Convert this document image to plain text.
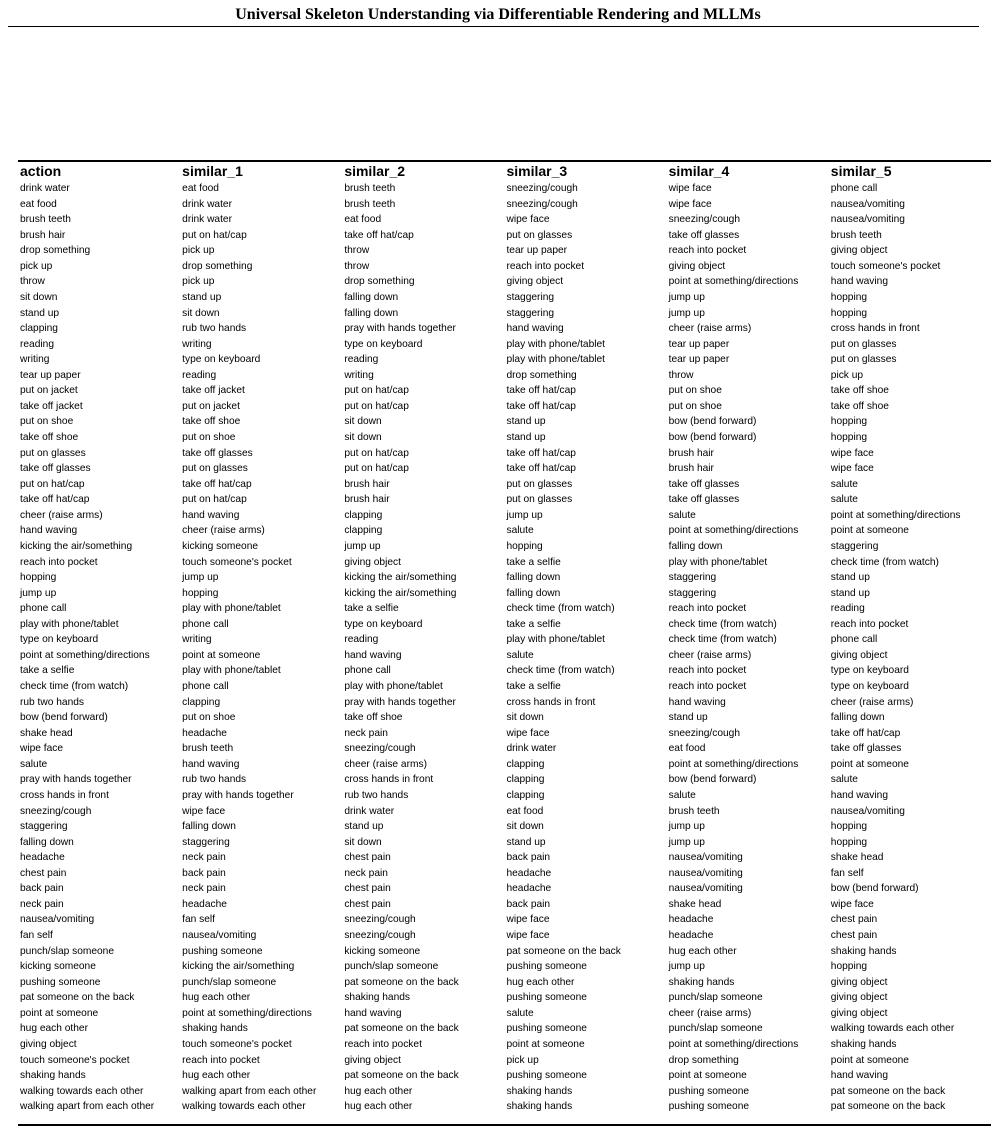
Universal Skeleton Understanding via Differentiable Rendering and MLLMs
action	similar_1	similar_2	similar_3	similar_4	similar_5
drink water	eat food	brush teeth	sneezing/cough	wipe face	phone call
eat food	drink water	brush teeth	sneezing/cough	wipe face	nausea/vomiting
brush teeth	drink water	eat food	wipe face	sneezing/cough	nausea/vomiting
brush hair	put on hat/cap	take off hat/cap	put on glasses	take off glasses	brush teeth
drop something	pick up	throw	tear up paper	reach into pocket	giving object
pick up	drop something	throw	reach into pocket	giving object	touch someone's pocket
throw	pick up	drop something	giving object	point at something/directions	hand waving
sit down	stand up	falling down	staggering	jump up	hopping
stand up	sit down	falling down	staggering	jump up	hopping
clapping	rub two hands	pray with hands together	hand waving	cheer (raise arms)	cross hands in front
reading	writing	type on keyboard	play with phone/tablet	tear up paper	put on glasses
writing	type on keyboard	reading	play with phone/tablet	tear up paper	put on glasses
tear up paper	reading	writing	drop something	throw	pick up
put on jacket	take off jacket	put on hat/cap	take off hat/cap	put on shoe	take off shoe
take off jacket	put on jacket	put on hat/cap	take off hat/cap	put on shoe	take off shoe
put on shoe	take off shoe	sit down	stand up	bow (bend forward)	hopping
take off shoe	put on shoe	sit down	stand up	bow (bend forward)	hopping
put on glasses	take off glasses	put on hat/cap	take off hat/cap	brush hair	wipe face
take off glasses	put on glasses	put on hat/cap	take off hat/cap	brush hair	wipe face
put on hat/cap	take off hat/cap	brush hair	put on glasses	take off glasses	salute
take off hat/cap	put on hat/cap	brush hair	put on glasses	take off glasses	salute
cheer (raise arms)	hand waving	clapping	jump up	salute	point at something/directions
hand waving	cheer (raise arms)	clapping	salute	point at something/directions	point at someone
kicking the air/something	kicking someone	jump up	hopping	falling down	staggering
reach into pocket	touch someone's pocket	giving object	take a selfie	play with phone/tablet	check time (from watch)
hopping	jump up	kicking the air/something	falling down	staggering	stand up
jump up	hopping	kicking the air/something	falling down	staggering	stand up
phone call	play with phone/tablet	take a selfie	check time (from watch)	reach into pocket	reading
play with phone/tablet	phone call	type on keyboard	take a selfie	check time (from watch)	reach into pocket
type on keyboard	writing	reading	play with phone/tablet	check time (from watch)	phone call
point at something/directions	point at someone	hand waving	salute	cheer (raise arms)	giving object
take a selfie	play with phone/tablet	phone call	check time (from watch)	reach into pocket	type on keyboard
check time (from watch)	phone call	play with phone/tablet	take a selfie	reach into pocket	type on keyboard
rub two hands	clapping	pray with hands together	cross hands in front	hand waving	cheer (raise arms)
bow (bend forward)	put on shoe	take off shoe	sit down	stand up	falling down
shake head	headache	neck pain	wipe face	sneezing/cough	take off hat/cap
wipe face	brush teeth	sneezing/cough	drink water	eat food	take off glasses
salute	hand waving	cheer (raise arms)	clapping	point at something/directions	point at someone
pray with hands together	rub two hands	cross hands in front	clapping	bow (bend forward)	salute
cross hands in front	pray with hands together	rub two hands	clapping	salute	hand waving
sneezing/cough	wipe face	drink water	eat food	brush teeth	nausea/vomiting
staggering	falling down	stand up	sit down	jump up	hopping
falling down	staggering	sit down	stand up	jump up	hopping
headache	neck pain	chest pain	back pain	nausea/vomiting	shake head
chest pain	back pain	neck pain	headache	nausea/vomiting	fan self
back pain	neck pain	chest pain	headache	nausea/vomiting	bow (bend forward)
neck pain	headache	chest pain	back pain	shake head	wipe face
nausea/vomiting	fan self	sneezing/cough	wipe face	headache	chest pain
fan self	nausea/vomiting	sneezing/cough	wipe face	headache	chest pain
punch/slap someone	pushing someone	kicking someone	pat someone on the back	hug each other	shaking hands
kicking someone	kicking the air/something	punch/slap someone	pushing someone	jump up	hopping
pushing someone	punch/slap someone	pat someone on the back	hug each other	shaking hands	giving object
pat someone on the back	hug each other	shaking hands	pushing someone	punch/slap someone	giving object
point at someone	point at something/directions	hand waving	salute	cheer (raise arms)	giving object
hug each other	shaking hands	pat someone on the back	pushing someone	punch/slap someone	walking towards each other
giving object	touch someone's pocket	reach into pocket	point at someone	point at something/directions	shaking hands
touch someone's pocket	reach into pocket	giving object	pick up	drop something	point at someone
shaking hands	hug each other	pat someone on the back	pushing someone	point at someone	hand waving
walking towards each other	walking apart from each other	hug each other	shaking hands	pushing someone	pat someone on the back
walking apart from each other	walking towards each other	hug each other	shaking hands	pushing someone	pat someone on the back
